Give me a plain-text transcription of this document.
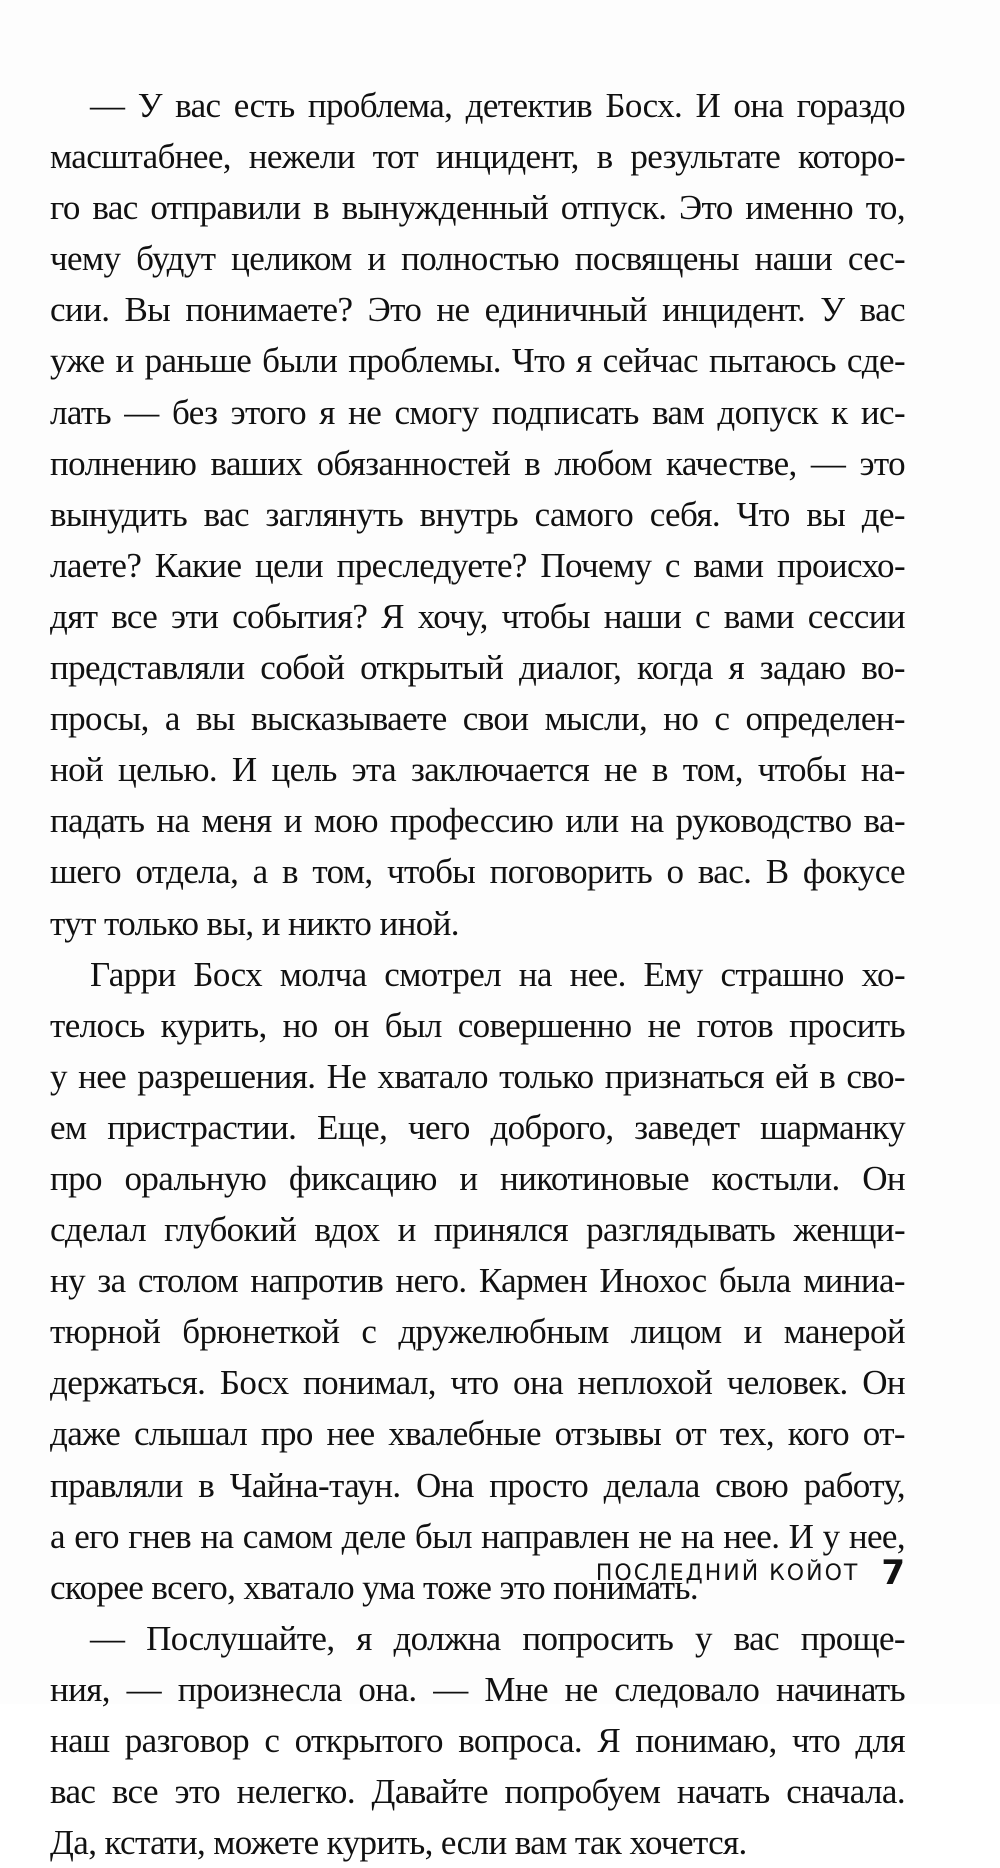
— У вас есть проблема, детектив Босх. И она гораздо
масштабнее, нежели тот инцидент, в результате которо-
го вас отправили в вынужденный отпуск. Это именно то,
чему будут целиком и полностью посвящены наши сес-
сии. Вы понимаете? Это не единичный инцидент. У вас
уже и раньше были проблемы. Что я сейчас пытаюсь сде-
лать — без этого я не смогу подписать вам допуск к ис-
полнению ваших обязанностей в любом качестве, — это
вынудить вас заглянуть внутрь самого себя. Что вы де-
лаете? Какие цели преследуете? Почему с вами происхо-
дят все эти события? Я хочу, чтобы наши с вами сессии
представляли собой открытый диалог, когда я задаю во-
просы, а вы высказываете свои мысли, но с определен-
ной целью. И цель эта заключается не в том, чтобы на-
падать на меня и мою профессию или на руководство ва-
шего отдела, а в том, чтобы поговорить о вас. В фокусе
тут только вы, и никто иной.
Гарри Босх молча смотрел на нее. Ему страшно хо-
телось курить, но он был совершенно не готов просить
у нее разрешения. Не хватало только признаться ей в сво-
ем пристрастии. Еще, чего доброго, заведет шарманку
про оральную фиксацию и никотиновые костыли. Он
сделал глубокий вдох и принялся разглядывать женщи-
ну за столом напротив него. Кармен Инохос была миниа-
тюрной брюнеткой с дружелюбным лицом и манерой
держаться. Босх понимал, что она неплохой человек. Он
даже слышал про нее хвалебные отзывы от тех, кого от-
правляли в Чайна-таун. Она просто делала свою работу,
а его гнев на самом деле был направлен не на нее. И у нее,
скорее всего, хватало ума тоже это понимать.
— Послушайте, я должна попросить у вас проще-
ния, — произнесла она. — Мне не следовало начинать
наш разговор с открытого вопроса. Я понимаю, что для
вас все это нелегко. Давайте попробуем начать сначала.
Да, кстати, можете курить, если вам так хочется.
ПОСЛЕДНИЙ КОЙОТ 7
